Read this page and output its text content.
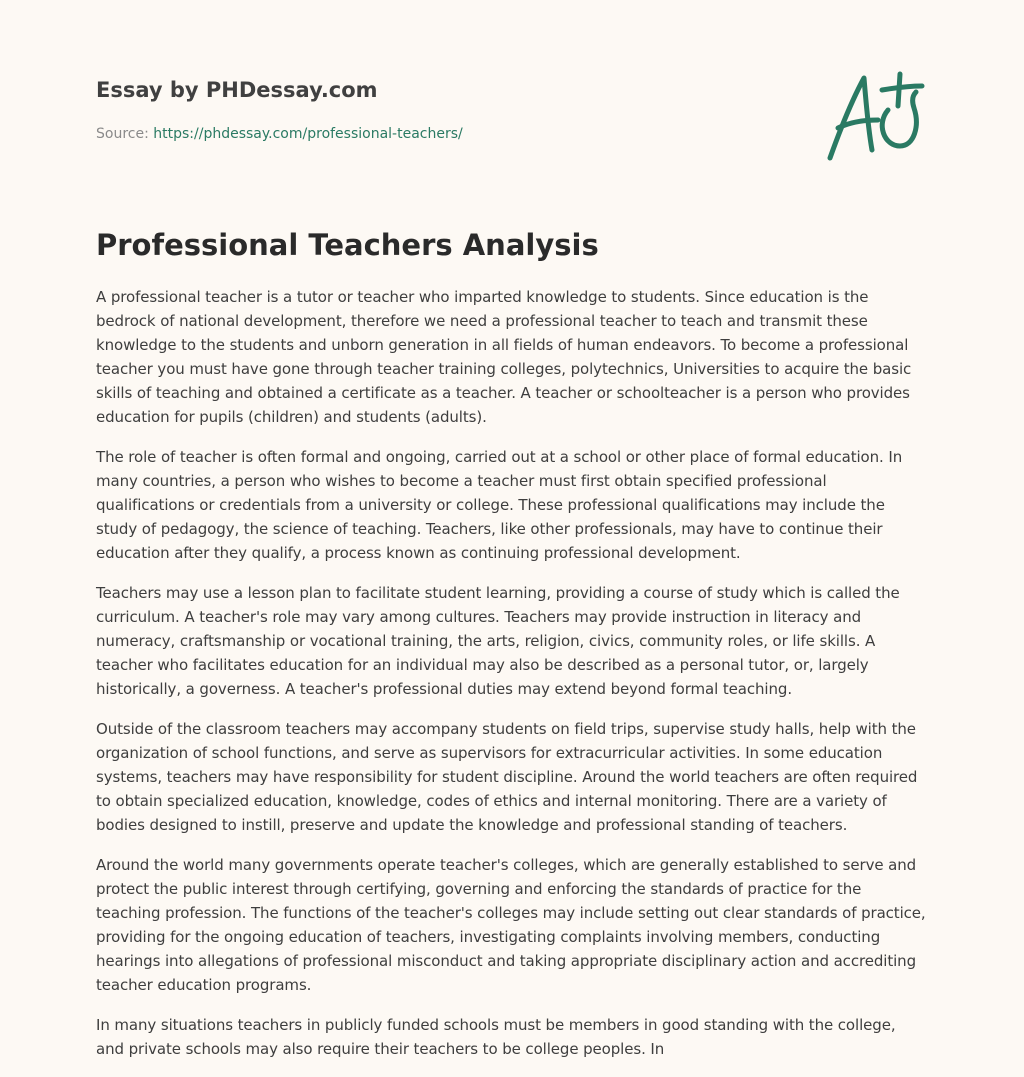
Essay by PHDessay.com
Source: https://phdessay.com/professional-teachers/
Professional Teachers Analysis

A professional teacher is a tutor or teacher who imparted knowledge to students. Since education is the bedrock of national development, therefore we need a professional teacher to teach and transmit these knowledge to the students and unborn generation in all fields of human endeavors. To become a professional teacher you must have gone through teacher training colleges, polytechnics, Universities to acquire the basic skills of teaching and obtained a certificate as a teacher. A teacher or schoolteacher is a person who provides education for pupils (children) and students (adults).

The role of teacher is often formal and ongoing, carried out at a school or other place of formal education. In many countries, a person who wishes to become a teacher must first obtain specified professional qualifications or credentials from a university or college. These professional qualifications may include the study of pedagogy, the science of teaching. Teachers, like other professionals, may have to continue their education after they qualify, a process known as continuing professional development.

Teachers may use a lesson plan to facilitate student learning, providing a course of study which is called the curriculum. A teacher's role may vary among cultures. Teachers may provide instruction in literacy and numeracy, craftsmanship or vocational training, the arts, religion, civics, community roles, or life skills. A teacher who facilitates education for an individual may also be described as a personal tutor, or, largely historically, a governess. A teacher's professional duties may extend beyond formal teaching.

Outside of the classroom teachers may accompany students on field trips, supervise study halls, help with the organization of school functions, and serve as supervisors for extracurricular activities. In some education systems, teachers may have responsibility for student discipline. Around the world teachers are often required to obtain specialized education, knowledge, codes of ethics and internal monitoring. There are a variety of bodies designed to instill, preserve and update the knowledge and professional standing of teachers.

Around the world many governments operate teacher's colleges, which are generally established to serve and protect the public interest through certifying, governing and enforcing the standards of practice for the teaching profession. The functions of the teacher's colleges may include setting out clear standards of practice, providing for the ongoing education of teachers, investigating complaints involving members, conducting hearings into allegations of professional misconduct and taking appropriate disciplinary action and accrediting teacher education programs.

In many situations teachers in publicly funded schools must be members in good standing with the college, and private schools may also require their teachers to be college peoples. In
